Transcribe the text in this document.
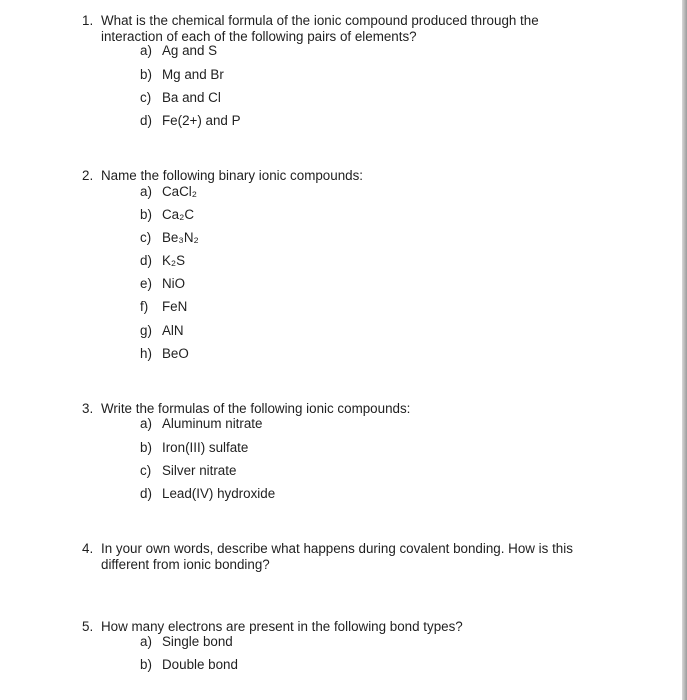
1. What is the chemical formula of the ionic compound produced through the interaction of each of the following pairs of elements?
a) Ag and S
b) Mg and Br
c) Ba and Cl
d) Fe(2+) and P
2. Name the following binary ionic compounds:
a) CaCl₂
b) Ca₂C
c) Be₃N₂
d) K₂S
e) NiO
f) FeN
g) AlN
h) BeO
3. Write the formulas of the following ionic compounds:
a) Aluminum nitrate
b) Iron(III) sulfate
c) Silver nitrate
d) Lead(IV) hydroxide
4. In your own words, describe what happens during covalent bonding. How is this different from ionic bonding?
5. How many electrons are present in the following bond types?
a) Single bond
b) Double bond
